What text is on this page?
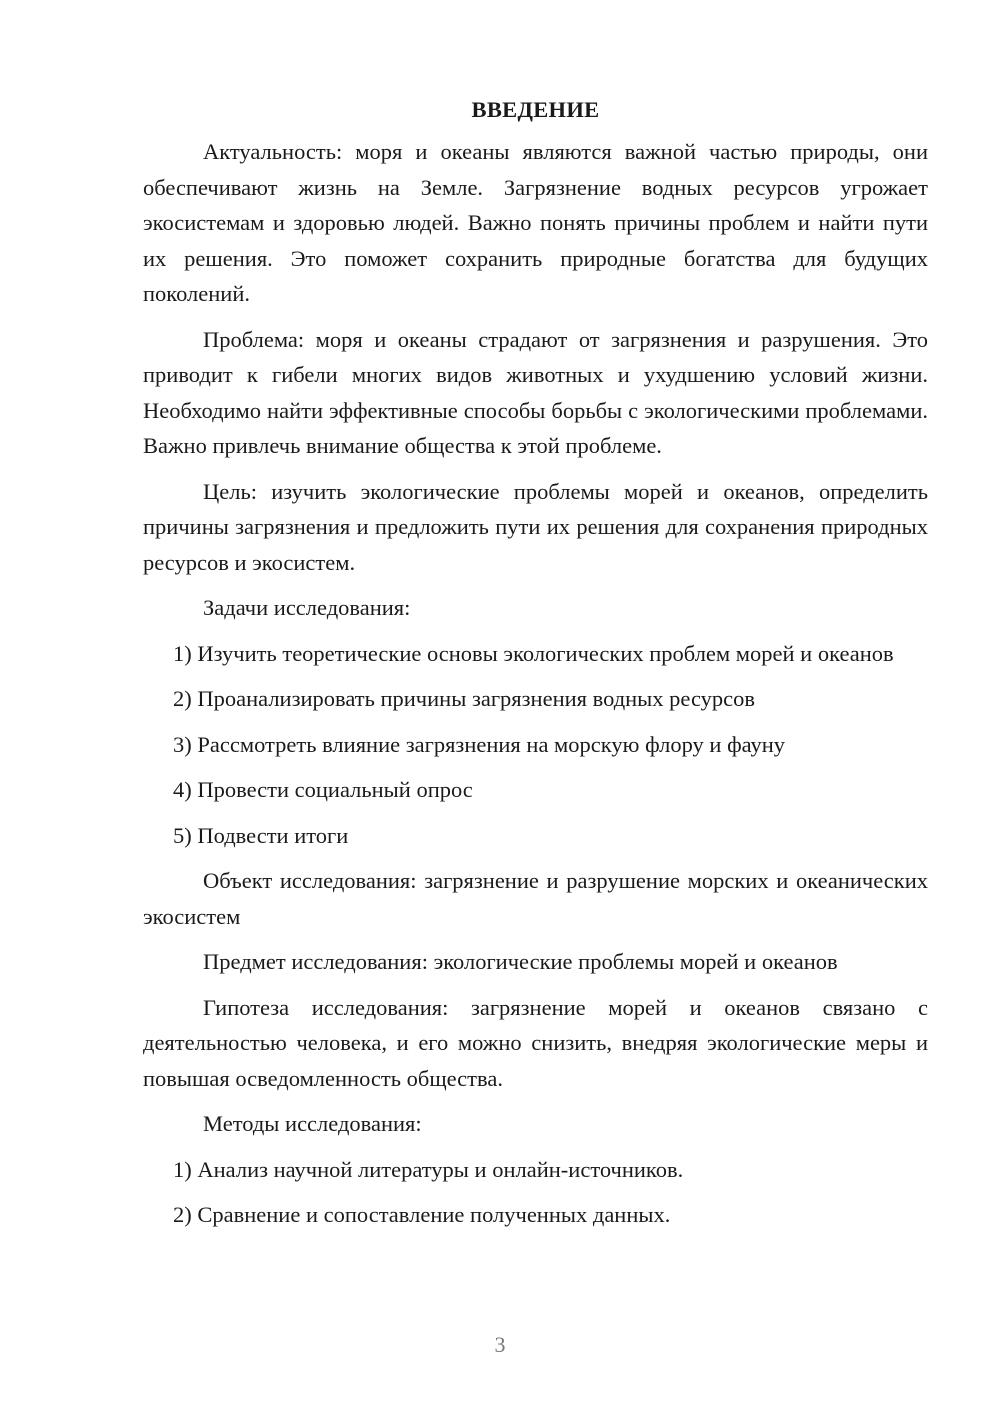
ВВЕДЕНИЕ

Актуальность: моря и океаны являются важной частью природы, они обеспечивают жизнь на Земле. Загрязнение водных ресурсов угрожает экосистемам и здоровью людей. Важно понять причины проблем и найти пути их решения. Это поможет сохранить природные богатства для будущих поколений.

Проблема: моря и океаны страдают от загрязнения и разрушения. Это приводит к гибели многих видов животных и ухудшению условий жизни. Необходимо найти эффективные способы борьбы с экологическими проблемами. Важно привлечь внимание общества к этой проблеме.

Цель: изучить экологические проблемы морей и океанов, определить причины загрязнения и предложить пути их решения для сохранения природных ресурсов и экосистем.

Задачи исследования:

1) Изучить теоретические основы экологических проблем морей и океанов

2) Проанализировать причины загрязнения водных ресурсов

3) Рассмотреть влияние загрязнения на морскую флору и фауну

4) Провести социальный опрос

5) Подвести итоги

Объект исследования: загрязнение и разрушение морских и океанических экосистем

Предмет исследования: экологические проблемы морей и океанов

Гипотеза исследования: загрязнение морей и океанов связано с деятельностью человека, и его можно снизить, внедряя экологические меры и повышая осведомленность общества.

Методы исследования:

1) Анализ научной литературы и онлайн-источников.

2) Сравнение и сопоставление полученных данных.

3
